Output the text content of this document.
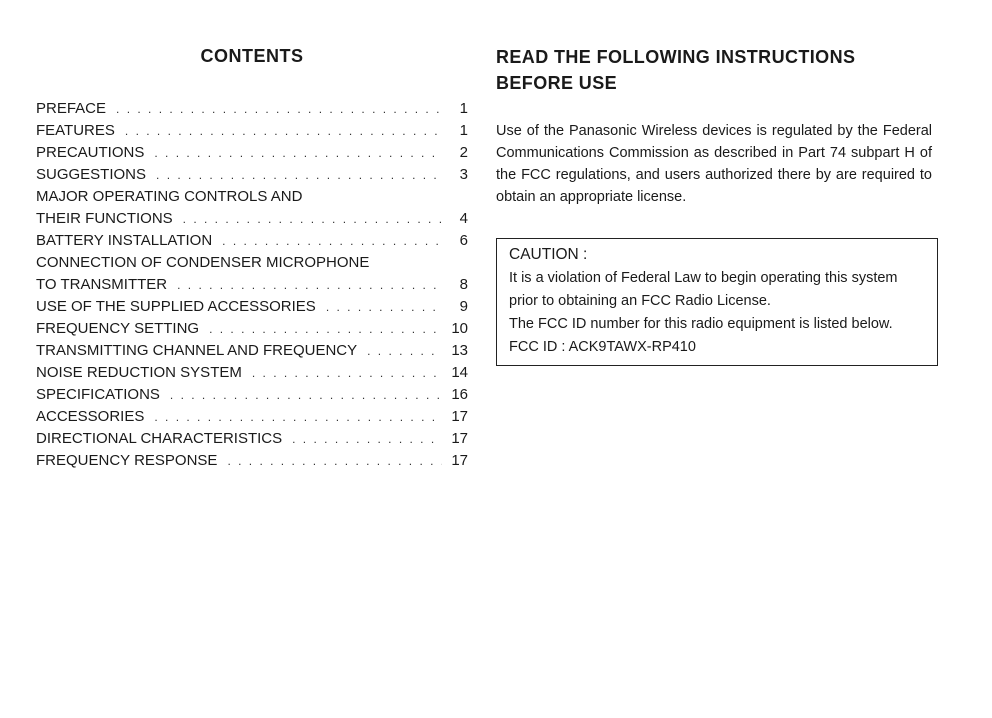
CONTENTS
PREFACE . . .	1
FEATURES . . .	1
PRECAUTIONS . . .	2
SUGGESTIONS . . .	3
MAJOR OPERATING CONTROLS AND
THEIR FUNCTIONS . . .	4
BATTERY INSTALLATION . . .	6
CONNECTION OF CONDENSER MICROPHONE
TO TRANSMITTER . . .	8
USE OF THE SUPPLIED ACCESSORIES . . .	9
FREQUENCY SETTING . . .	10
TRANSMITTING CHANNEL AND FREQUENCY . . .	13
NOISE REDUCTION SYSTEM . . .	14
SPECIFICATIONS . . .	16
ACCESSORIES . . .	17
DIRECTIONAL CHARACTERISTICS . . .	17
FREQUENCY RESPONSE . . .	17
READ THE FOLLOWING INSTRUCTIONS
BEFORE USE

Use of the Panasonic Wireless devices is regulated by the Federal Communications Commission as described in Part 74 subpart H of the FCC regulations, and users authorized there by are required to obtain an appropriate license.

CAUTION :

It is a violation of Federal Law to begin operating this system prior to obtaining an FCC Radio License.

The FCC ID number for this radio equipment is listed below.

FCC ID : ACK9TAWX-RP410
